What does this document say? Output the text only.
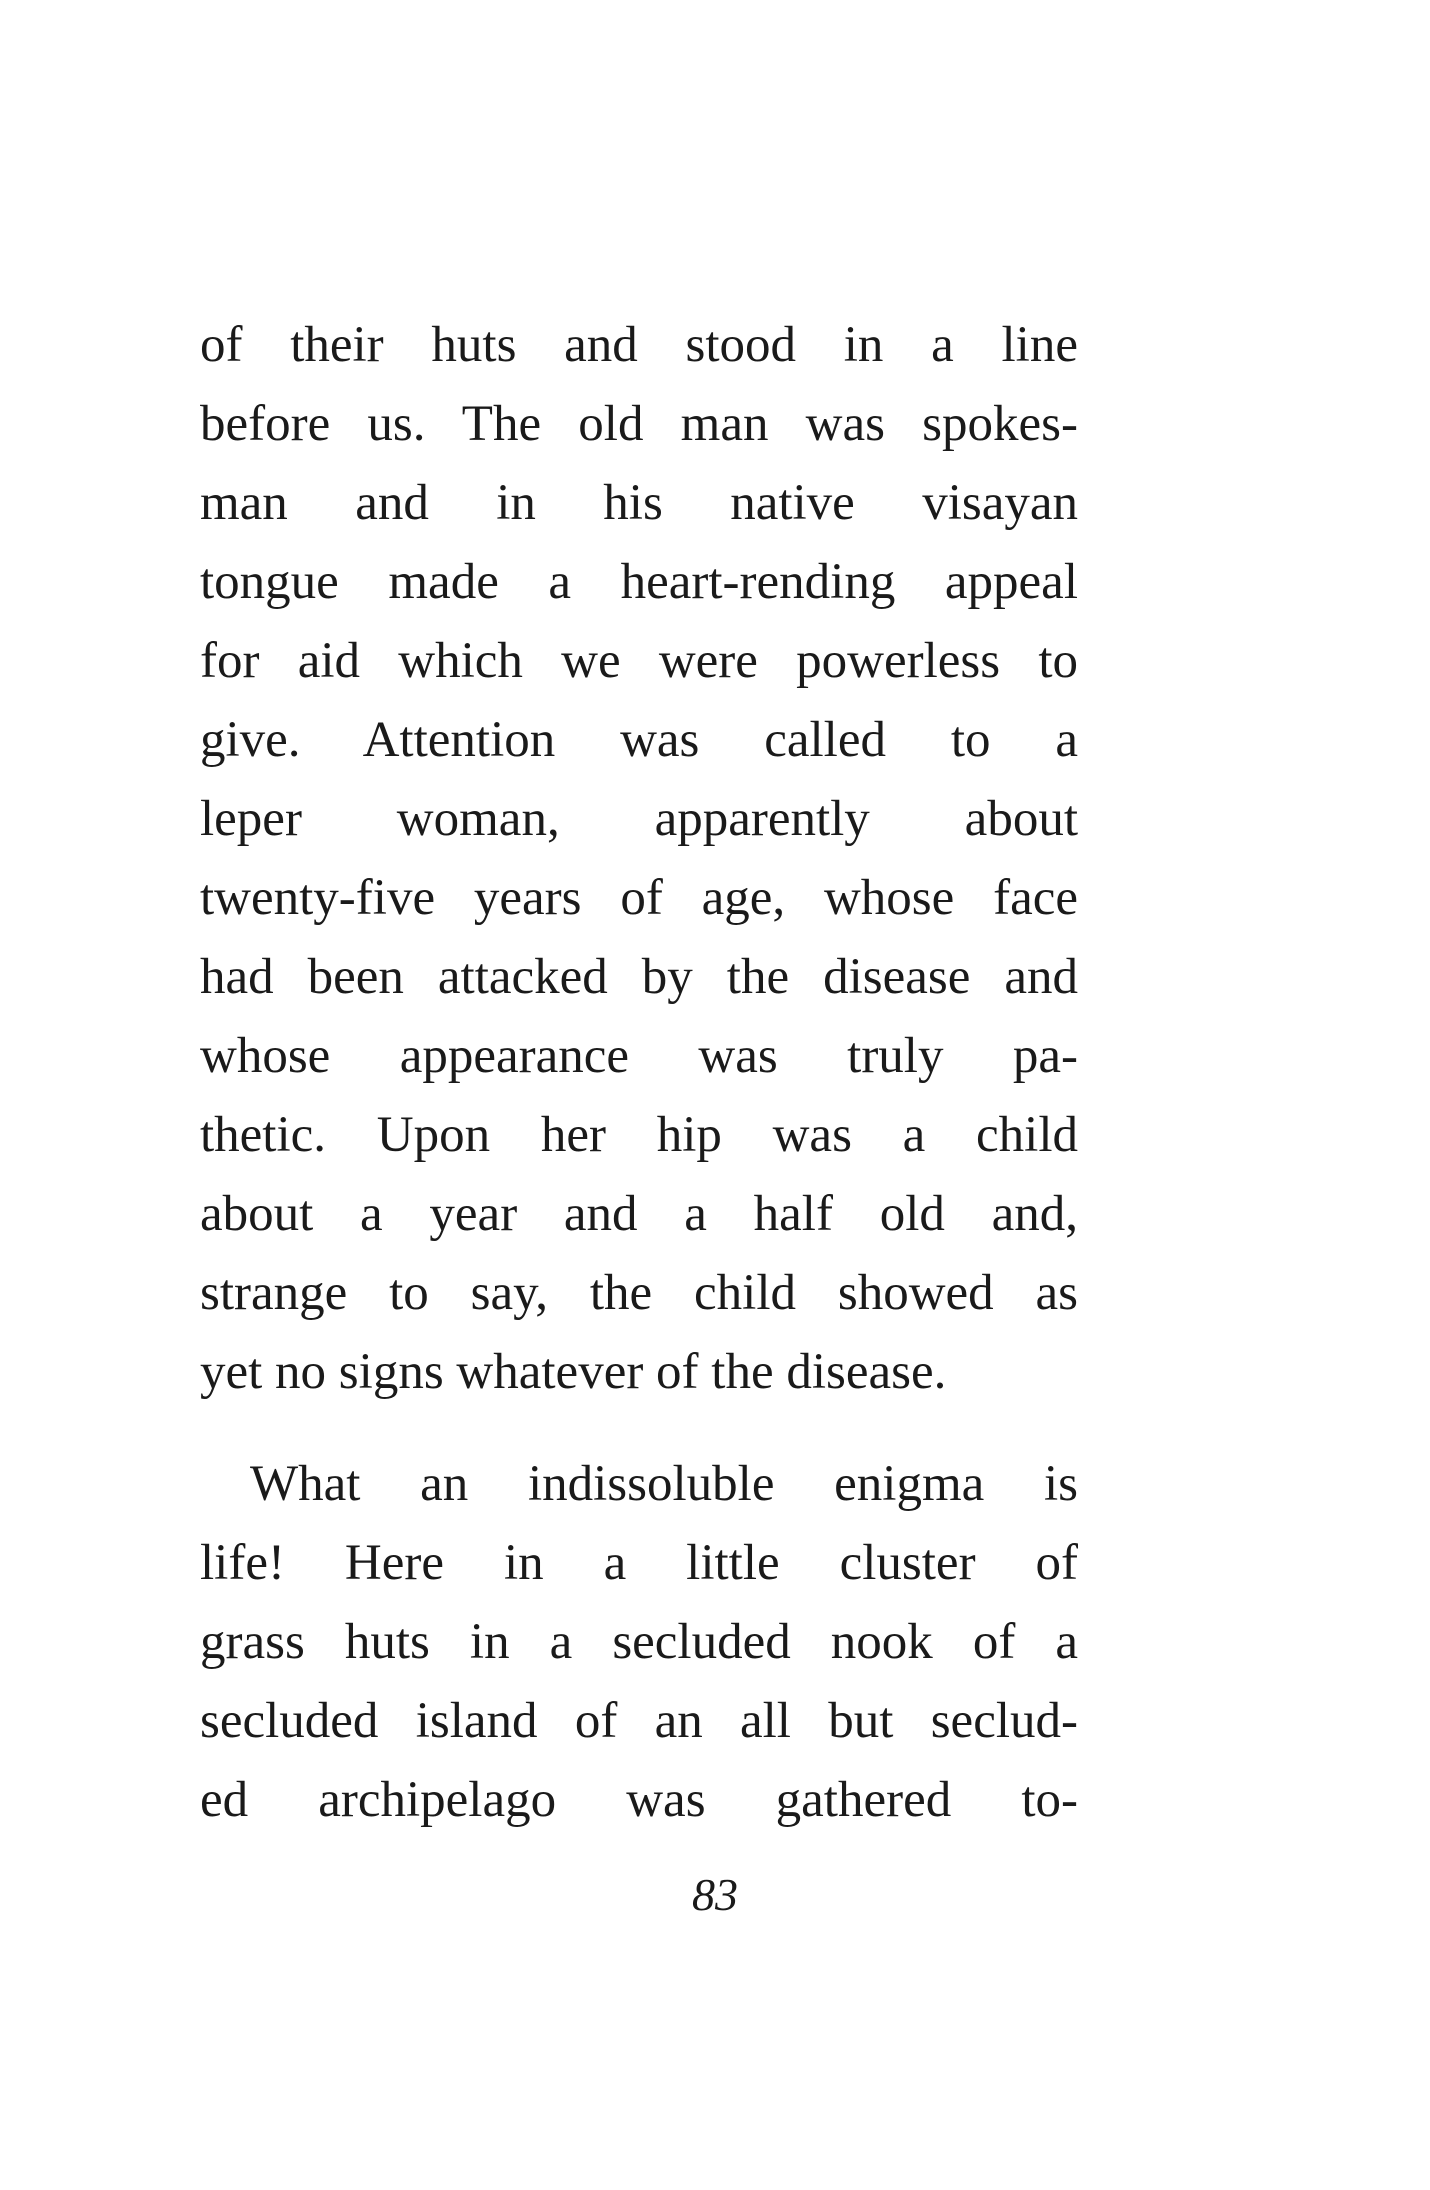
of their huts and stood in a line
before us. The old man was spokes-
man and in his native visayan
tongue made a heart-rending appeal
for aid which we were powerless to
give. Attention was called to a
leper woman, apparently about
twenty-five years of age, whose face
had been attacked by the disease and
whose appearance was truly pa-
thetic. Upon her hip was a child
about a year and a half old and,
strange to say, the child showed as
yet no signs whatever of the disease.
What an indissoluble enigma is
life! Here in a little cluster of
grass huts in a secluded nook of a
secluded island of an all but seclud-
ed archipelago was gathered to-
83
